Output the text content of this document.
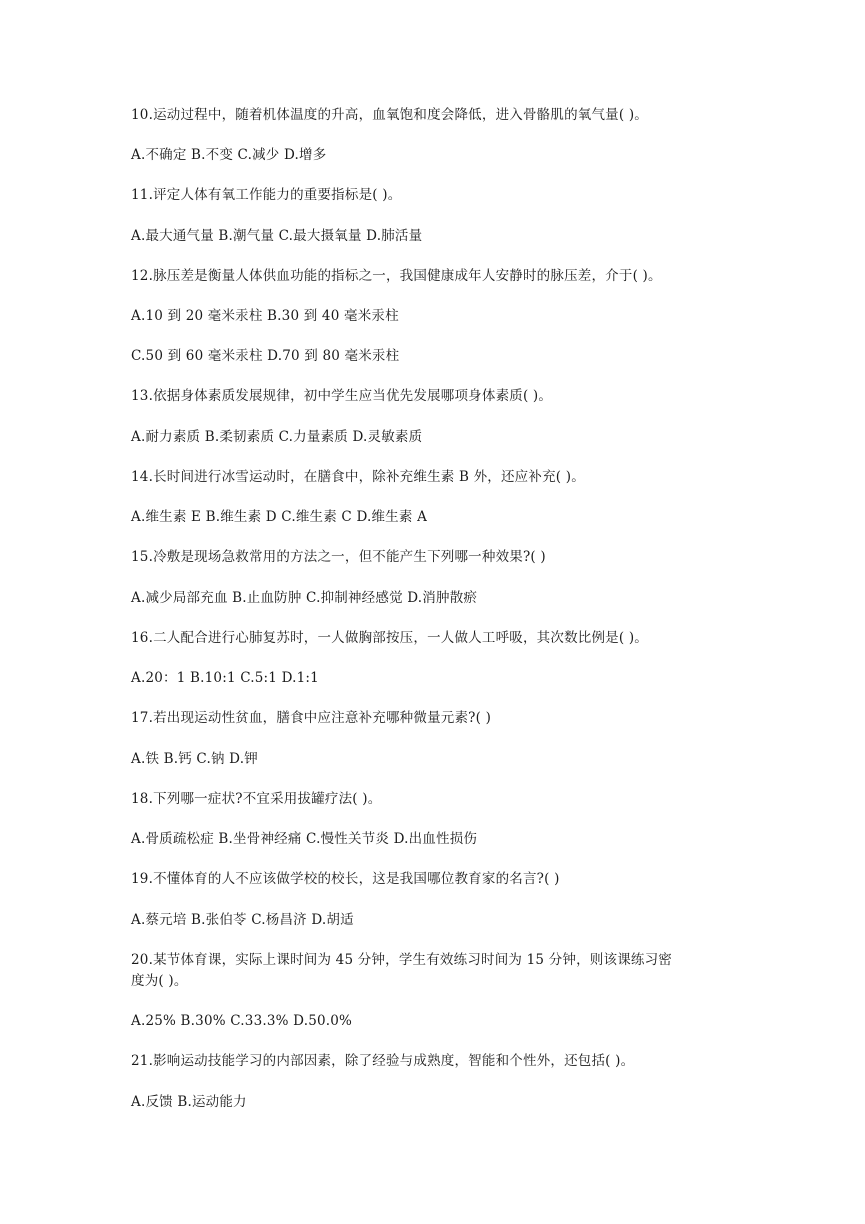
10.运动过程中，随着机体温度的升高，血氧饱和度会降低，进入骨骼肌的氧气量( )。
A.不确定 B.不变 C.减少 D.增多
11.评定人体有氧工作能力的重要指标是( )。
A.最大通气量 B.潮气量 C.最大摄氧量 D.肺活量
12.脉压差是衡量人体供血功能的指标之一，我国健康成年人安静时的脉压差，介于( )。
A.10 到 20 毫米汞柱 B.30 到 40 毫米汞柱
C.50 到 60 毫米汞柱 D.70 到 80 毫米汞柱
13.依据身体素质发展规律，初中学生应当优先发展哪项身体素质( )。
A.耐力素质 B.柔韧素质 C.力量素质 D.灵敏素质
14.长时间进行冰雪运动时，在膳食中，除补充维生素 B 外，还应补充( )。
A.维生素 E B.维生素 D C.维生素 C D.维生素 A
15.冷敷是现场急救常用的方法之一，但不能产生下列哪一种效果?( )
A.减少局部充血 B.止血防肿 C.抑制神经感觉 D.消肿散瘀
16.二人配合进行心肺复苏时，一人做胸部按压，一人做人工呼吸，其次数比例是( )。
A.20：1 B.10:1 C.5:1 D.1:1
17.若出现运动性贫血，膳食中应注意补充哪种微量元素?( )
A.铁 B.钙 C.钠 D.钾
18.下列哪一症状?不宜采用拔罐疗法( )。
A.骨质疏松症 B.坐骨神经痛 C.慢性关节炎 D.出血性损伤
19.不懂体育的人不应该做学校的校长，这是我国哪位教育家的名言?( )
A.蔡元培 B.张伯苓 C.杨昌济 D.胡适
20.某节体育课，实际上课时间为 45 分钟，学生有效练习时间为 15 分钟，则该课练习密
度为( )。
A.25% B.30% C.33.3% D.50.0%
21.影响运动技能学习的内部因素，除了经验与成熟度，智能和个性外，还包括( )。
A.反馈 B.运动能力
